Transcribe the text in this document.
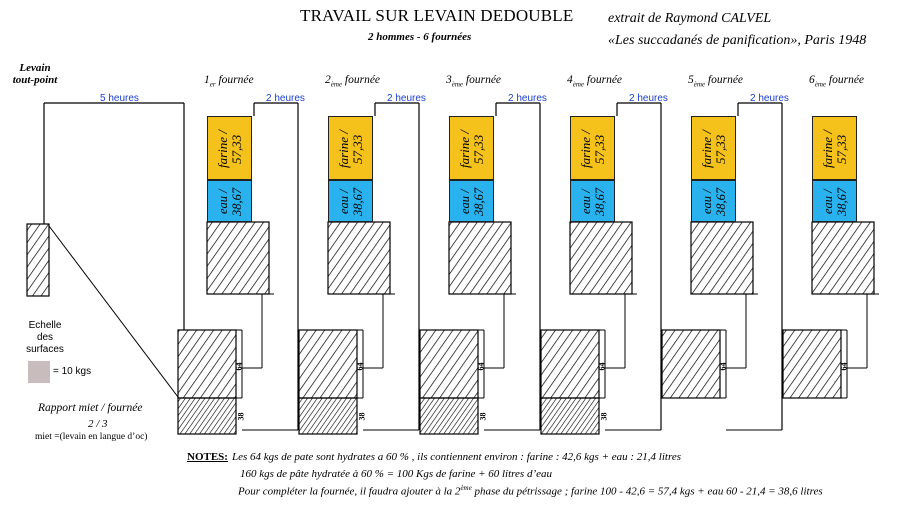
TRAVAIL SUR LEVAIN DEDOUBLE
2 hommes - 6 fournées
extrait de Raymond CALVEL
«Les succadanés de panification», Paris 1948
Levain
tout-point
5 heures	2 heures	2 heures	2 heures	2 heures	2 heures
farine / 57,33
eau / 38,67
$1_{er}$ fournée
64
38
farine / 57,33
eau / 38,67
$2_{ème}$ fournée
64
38
farine / 57,33
eau / 38,67
$3_{ème}$ fournée
64
38
farine / 57,33
eau / 38,67
$4_{ème}$ fournée
64
38
farine / 57,33
eau / 38,67
$5_{ème}$ fournée
64
farine / 57,33
eau / 38,67
$6_{ème}$ fournée
64
Echelle
des
surfaces
= 10 kgs
Rapport miet / fournée
2 / 3
miet =(levain en langue d’oc)
NOTES: Les 64 kgs de pate sont hydrates a 60 % , ils contiennent environ : farine : 42,6 kgs + eau : 21,4 litres
160 kgs de pâte hydratée à 60 % = 100 Kgs de farine + 60 litres d’eau
Pour compléter la fournée, il faudra ajouter à la 2ème phase du pétrissage ; farine 100 - 42,6 = 57,4 kgs + eau 60 - 21,4 = 38,6 litres
